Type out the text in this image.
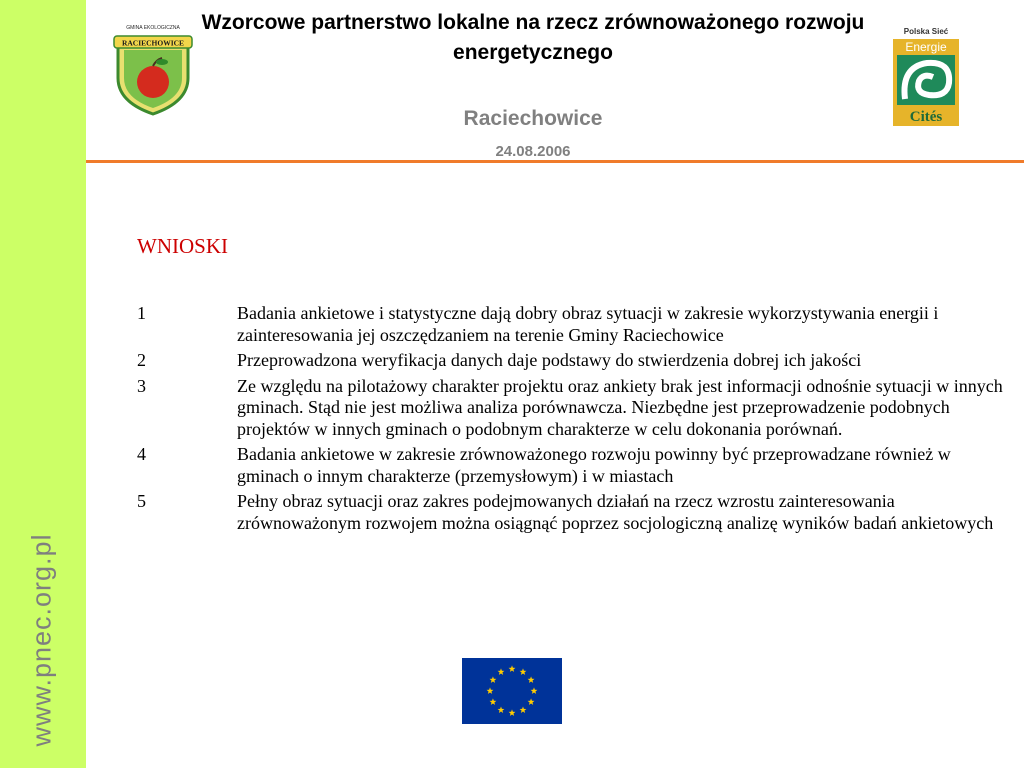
www.pnec.org.pl
RACIECHOWICE
GMINA EKOLOGICZNA Wzorcowe partnerstwo lokalne na rzecz zrównoważonego rozwoju energetycznego
Raciechowice
24.08.2006
Polska Sieć
Energie
Cités
WNIOSKI
1	Badania ankietowe i statystyczne dają dobry obraz sytuacji w zakresie wykorzystywania energii i zainteresowania jej oszczędzaniem na terenie Gminy Raciechowice
2	Przeprowadzona weryfikacja danych daje podstawy do stwierdzenia dobrej ich jakości
3	Ze względu na pilotażowy charakter projektu oraz ankiety brak jest informacji odnośnie sytuacji w innych gminach. Stąd nie jest możliwa analiza porównawcza. Niezbędne jest przeprowadzenie podobnych projektów w innych gminach o podobnym charakterze w celu dokonania porównań.
4	Badania ankietowe w zakresie zrównoważonego rozwoju powinny być przeprowadzane również w gminach o innym charakterze (przemysłowym) i w miastach
5	Pełny obraz sytuacji oraz zakres podejmowanych działań na rzecz wzrostu zainteresowania zrównoważonym rozwojem można osiągnąć poprzez socjologiczną analizę wyników badań ankietowych
